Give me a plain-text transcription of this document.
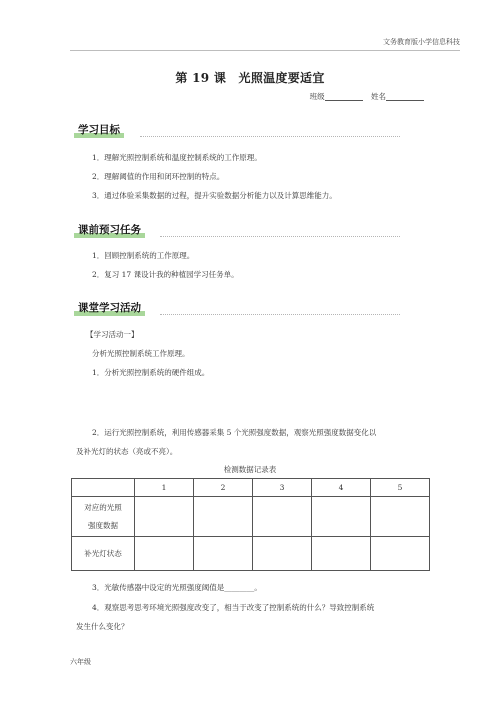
文务教育版小学信息科技
第 19 课　光照温度要适宜
班级	姓名
学习目标
1．理解光照控制系统和温度控制系统的工作原理。
2．理解阈值的作用和闭环控制的特点。
3．通过体验采集数据的过程，提升实验数据分析能力以及计算思维能力。
课前预习任务
1．回顾控制系统的工作原理。
2．复习 17 课设计我的种植园学习任务单。
课堂学习活动
【学习活动一】
分析光照控制系统工作原理。
1．分析光照控制系统的硬件组成。
2．运行光照控制系统，利用传感器采集 5 个光照强度数据，观察光照强度数据变化以
及补光灯的状态（亮或不亮）。
检测数据记录表
	1	2	3	4	5

对应的光照
强度数据					

补光灯状态					
3．光敏传感器中设定的光照强度阈值是________。
4．观察思考思考环境光照强度改变了，相当于改变了控制系统的什么？导致控制系统
发生什么变化？
六年级
